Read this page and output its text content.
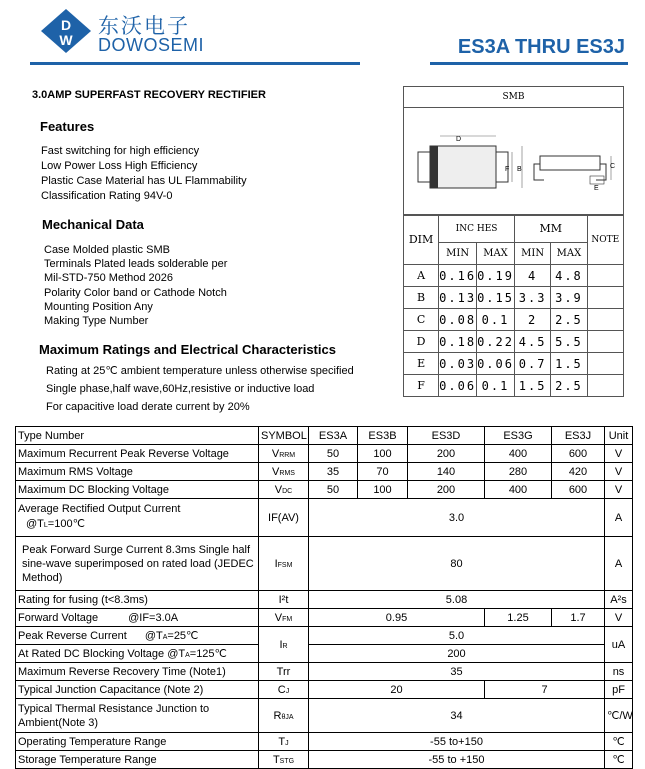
D
W
东沃电子
DOWOSEMI	ES3A THRU ES3J
3.0AMP SUPERFAST RECOVERY RECTIFIER
Features
Fast switching for high efficiency
Low Power Loss High Efficiency
Plastic Case Material has UL Flammability
Classification Rating 94V-0
Mechanical Data
Case Molded plastic SMB
Terminals Plated leads solderable per
Mil-STD-750 Method 2026
Polarity Color band or Cathode Notch
Mounting Position Any
Making Type Number
Maximum Ratings and Electrical Characteristics
Rating at 25℃ ambient temperature unless otherwise specified
Single phase,half wave,60Hz,resistive or inductive load
For capacitive load derate current by 20%
SMB
D
F B	C
E
DIM	INC HES		MM		NOTE
	MIN	MAX	MIN	MAX	
A	0.16	0.19	4	4.8	
B	0.13	0.15	3.3	3.9	
C	0.08	0.1	2	2.5	
D	0.18	0.22	4.5	5.5	
E	0.03	0.06	0.7	1.5	
F	0.06	0.1	1.5	2.5	
Type Number	SYMBOL	ES3A	ES3B	ES3D	ES3G	ES3J	Unit
Maximum Recurrent Peak Reverse Voltage	VRRM	50	100	200	400	600	V
Maximum RMS Voltage	VRMS	35	70	140	280	420	V
Maximum DC Blocking Voltage	VDC	50	100	200	400	600	V

Average Rectified Output Current
@TL=100℃	IF(AV)	3.0					A
Peak Forward Surge Current 8.3ms Single half sine-wave superimposed on rated load (JEDEC Method)	IFSM	80					A
Rating for fusing (t<8.3ms)	I²t	5.08					A²s
Forward Voltage @IF=3.0A	VFM	0.95			1.25	1.7	V
Peak Reverse Current @TA=25℃	IR	5.0					uA
At Rated DC Blocking Voltage @TA=125℃		200					
Maximum Reverse Recovery Time (Note1)	Trr	35					ns
Typical Junction Capacitance (Note 2)	CJ	20			7		pF
Typical Thermal Resistance Junction to Ambient(Note 3)	RθJA	34					℃/W
Operating Temperature Range	TJ	-55 to+150					℃
Storage Temperature Range	TSTG	-55 to +150					℃
